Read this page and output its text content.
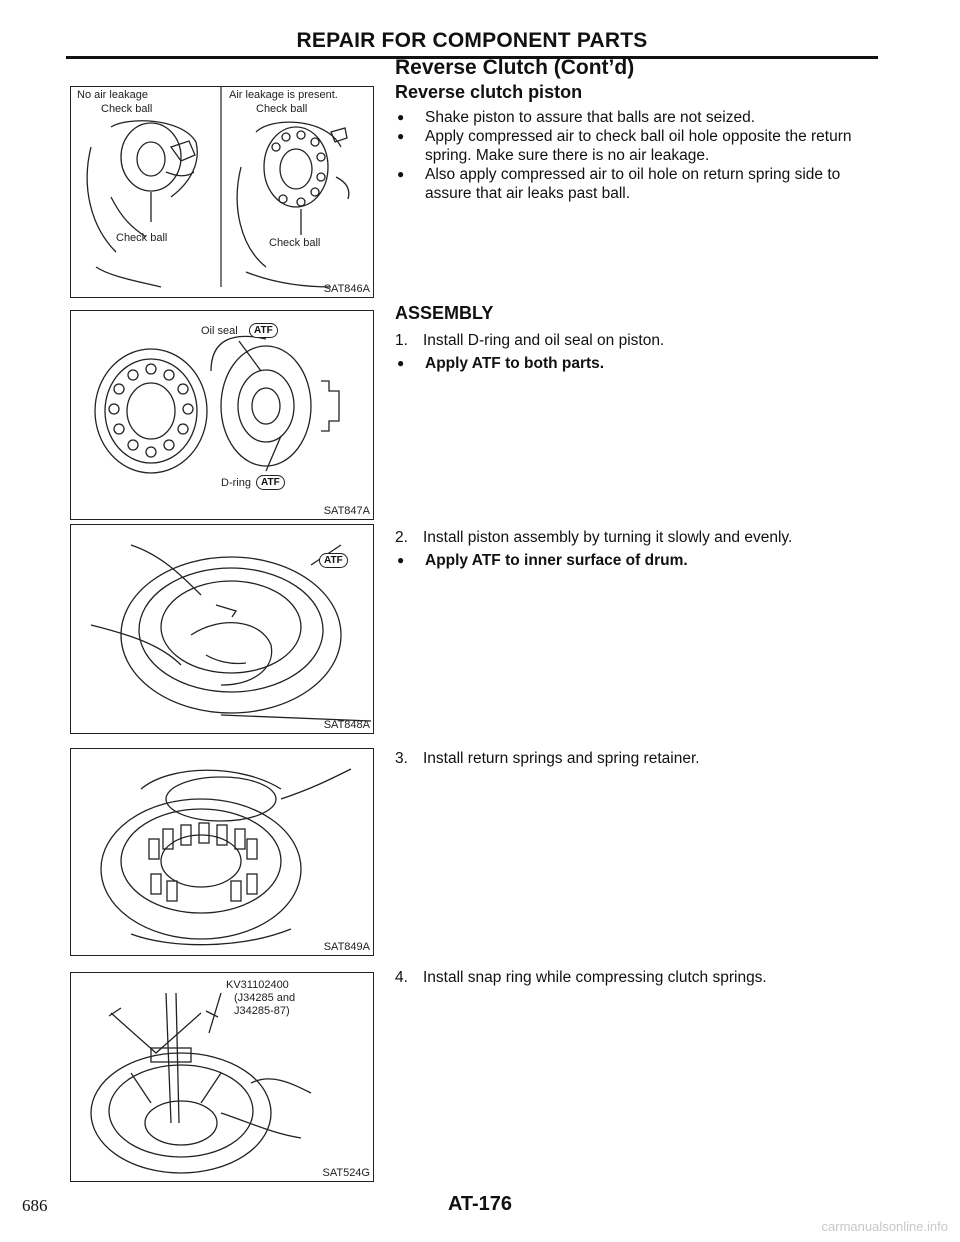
REPAIR FOR COMPONENT PARTS
Reverse Clutch (Cont’d)
Reverse clutch piston
●	Shake piston to assure that balls are not seized.
●	Apply compressed air to check ball oil hole opposite the return spring. Make sure there is no air leakage.
●	Also apply compressed air to oil hole on return spring side to assure that air leaks past ball.
ASSEMBLY
1. Install D-ring and oil seal on piston.
●	Apply ATF to both parts.
2. Install piston assembly by turning it slowly and evenly.
●	Apply ATF to inner surface of drum.
3. Install return springs and spring retainer.
4. Install snap ring while compressing clutch springs.
No air leakage
Check ball
Check ball
Air leakage is present.
Check ball
Check ball
SAT846A
Oil seal	ATF
D-ring	ATF
SAT847A
ATF
SAT848A
SAT849A
KV31102400
(J34285 and
J34285-87)
SAT524G
686	AT-176
carmanualsonline.info
